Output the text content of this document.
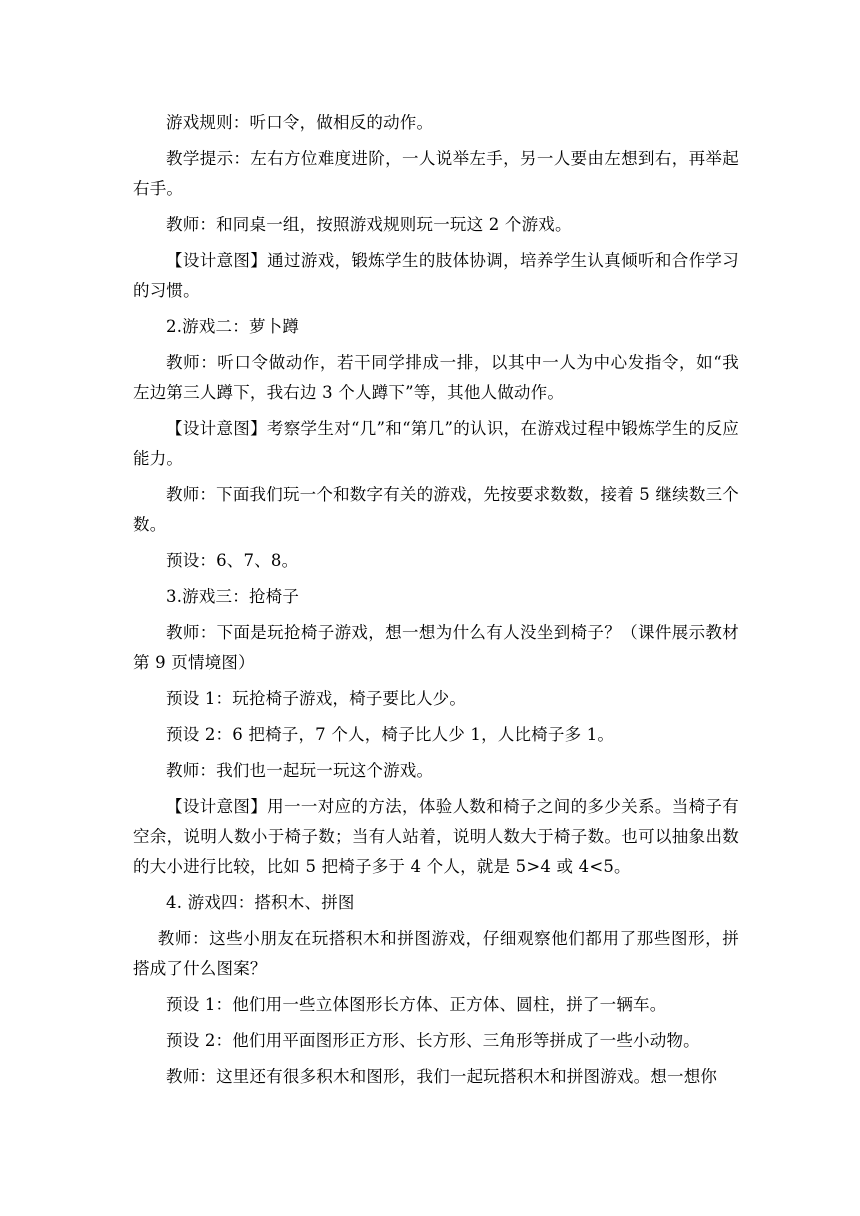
游戏规则：听口令，做相反的动作。

教学提示：左右方位难度进阶，一人说举左手，另一人要由左想到右，再举起右手。

教师：和同桌一组，按照游戏规则玩一玩这 2 个游戏。

【设计意图】通过游戏，锻炼学生的肢体协调，培养学生认真倾听和合作学习的习惯。

2.游戏二：萝卜蹲

教师：听口令做动作，若干同学排成一排，以其中一人为中心发指令，如“我左边第三人蹲下，我右边 3 个人蹲下”等，其他人做动作。

【设计意图】考察学生对“几”和“第几”的认识，在游戏过程中锻炼学生的反应能力。

教师：下面我们玩一个和数字有关的游戏，先按要求数数，接着 5 继续数三个数。

预设：6、7、8。

3.游戏三：抢椅子

教师：下面是玩抢椅子游戏，想一想为什么有人没坐到椅子？（课件展示教材第 9 页情境图）

预设 1：玩抢椅子游戏，椅子要比人少。

预设 2：6 把椅子，7 个人，椅子比人少 1，人比椅子多 1。

教师：我们也一起玩一玩这个游戏。

【设计意图】用一一对应的方法，体验人数和椅子之间的多少关系。当椅子有空余，说明人数小于椅子数；当有人站着，说明人数大于椅子数。也可以抽象出数的大小进行比较，比如 5 把椅子多于 4 个人，就是 5>4 或 4<5。

4. 游戏四：搭积木、拼图

教师：这些小朋友在玩搭积木和拼图游戏，仔细观察他们都用了那些图形，拼搭成了什么图案？

预设 1：他们用一些立体图形长方体、正方体、圆柱，拼了一辆车。

预设 2：他们用平面图形正方形、长方形、三角形等拼成了一些小动物。

教师：这里还有很多积木和图形，我们一起玩搭积木和拼图游戏。想一想你
